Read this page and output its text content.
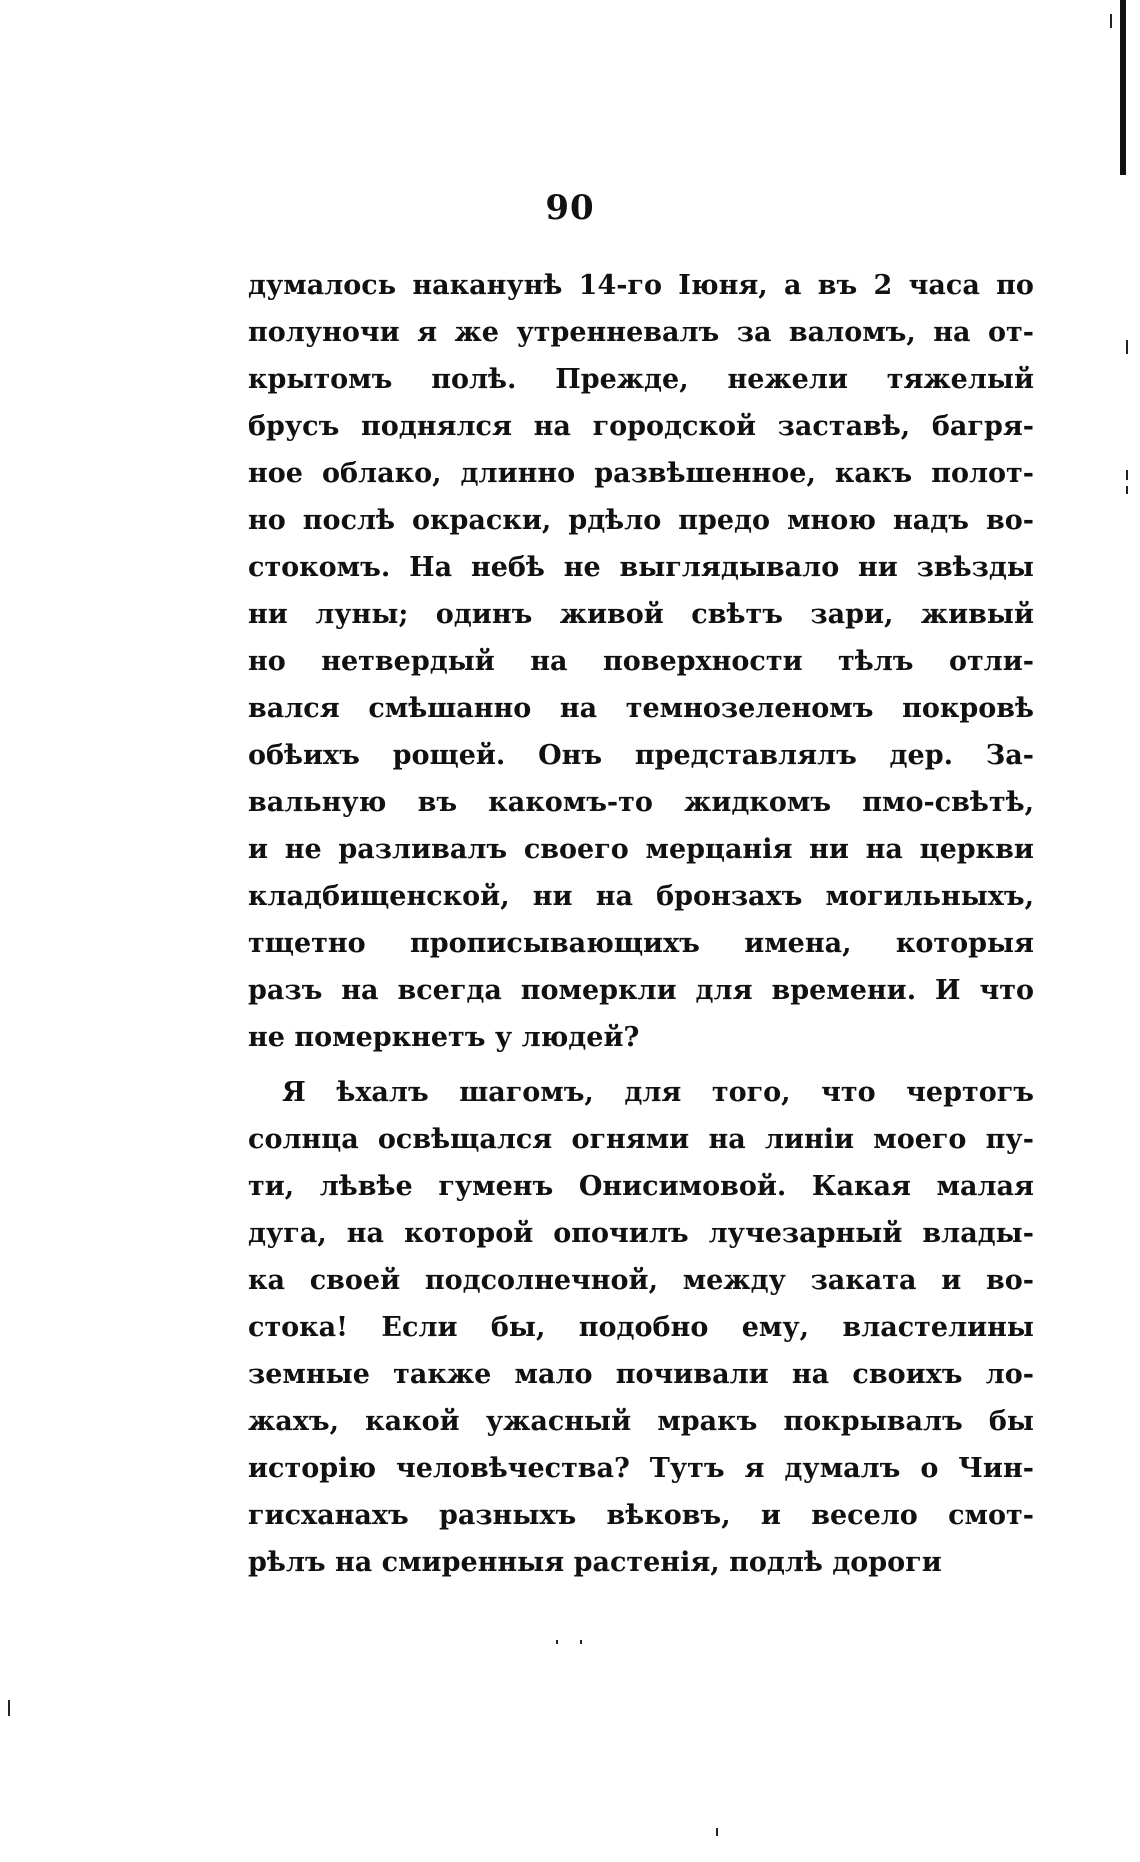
90
думалось наканунѣ 14-го Іюня, а въ 2 часа по
полуночи я же утренневалъ за валомъ, на от-
крытомъ полѣ. Прежде, нежели тяжелый
брусъ поднялся на городской заставѣ, багря-
ное облако, длинно развѣшенное, какъ полот-
но послѣ окраски, рдѣло предо мною надъ во-
стокомъ. На небѣ не выглядывало ни звѣзды
ни луны; одинъ живой свѣтъ зари, живый
но нетвердый на поверхности тѣлъ отли-
вался смѣшанно на темнозеленомъ покровѣ
обѣихъ рощей. Онъ представлялъ дер. За-
вальную въ какомъ-то жидкомъ пмо-свѣтѣ,
и не разливалъ своего мерцанія ни на церкви
кладбищенской, ни на бронзахъ могильныхъ,
тщетно прописывающихъ имена, которыя
разъ на всегда померкли для времени. И что
не померкнетъ у людей?
Я ѣхалъ шагомъ, для того, что чертогъ
солнца освѣщался огнями на линіи моего пу-
ти, лѣвѣе гуменъ Онисимовой. Какая малая
дуга, на которой опочилъ лучезарный влады-
ка своей подсолнечной, между заката и во-
стока! Если бы, подобно ему, властелины
земные также мало почивали на своихъ ло-
жахъ, какой ужасный мракъ покрывалъ бы
исторію человѣчества? Тутъ я думалъ о Чин-
гисханахъ разныхъ вѣковъ, и весело смот-
рѣлъ на смиренныя растенія, подлѣ дороги
